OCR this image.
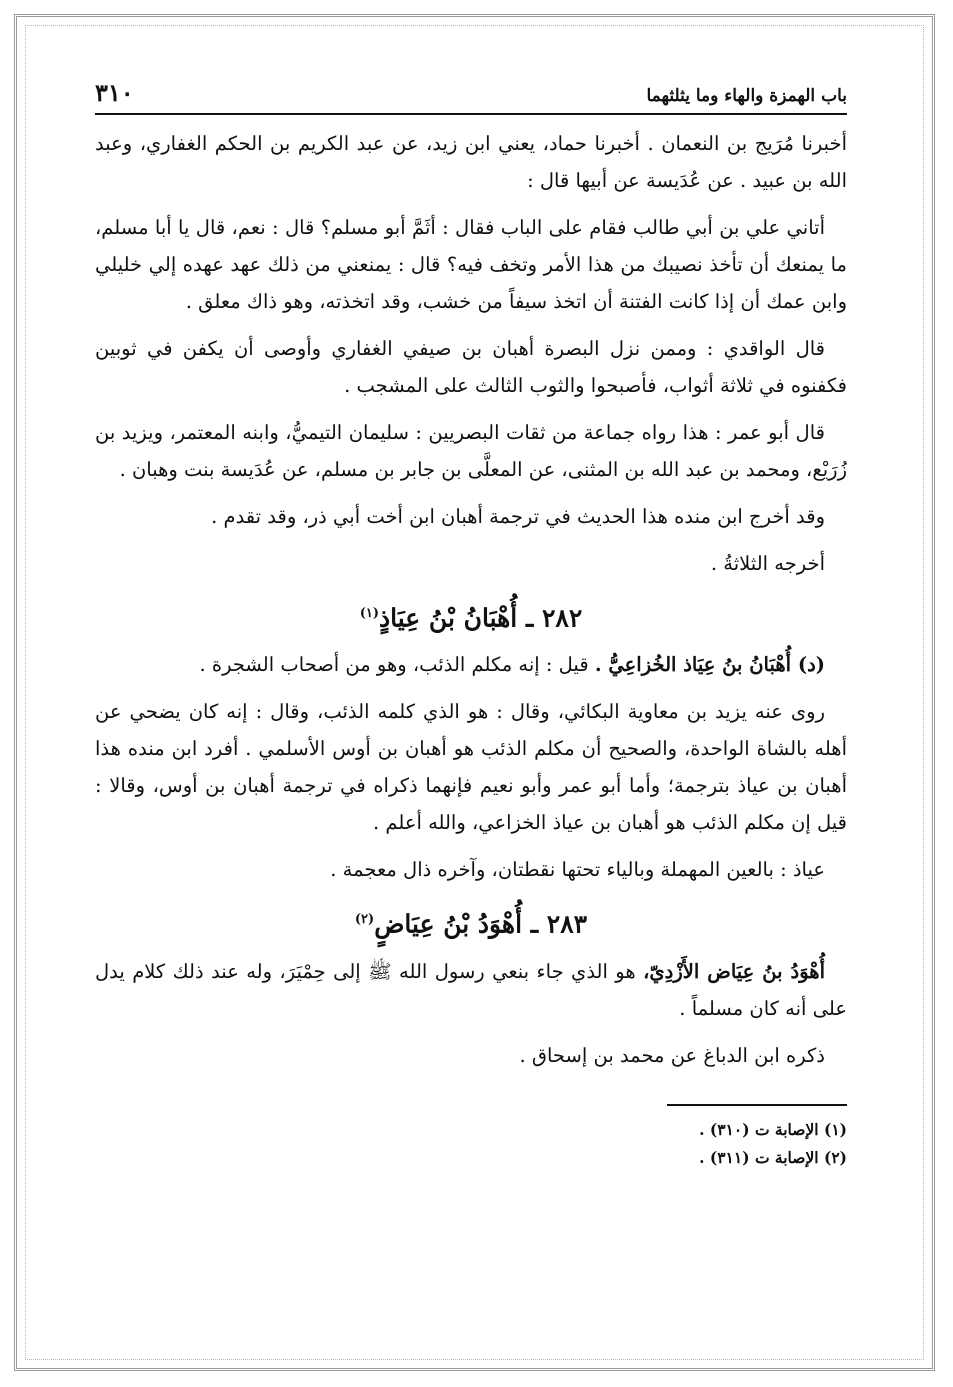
باب الهمزة والهاء وما يثلثهما
٣١٠

أخبرنا مُرَيج بن النعمان . أخبرنا حماد، يعني ابن زيد، عن عبد الكريم بن الحكم الغفاري، وعبد الله بن عبيد . عن عُدَيسة عن أبيها قال :

أتاني علي بن أبي طالب فقام على الباب فقال : أثَمَّ أبو مسلم؟ قال : نعم، قال يا أبا مسلم، ما يمنعك أن تأخذ نصيبك من هذا الأمر وتخف فيه؟ قال : يمنعني من ذلك عهد عهده إلي خليلي وابن عمك أن إذا كانت الفتنة أن اتخذ سيفاً من خشب، وقد اتخذته، وهو ذاك معلق .

قال الواقدي : وممن نزل البصرة أهبان بن صيفي الغفاري وأوصى أن يكفن في ثوبين فكفنوه في ثلاثة أثواب، فأصبحوا والثوب الثالث على المشجب .

قال أبو عمر : هذا رواه جماعة من ثقات البصريين : سليمان التيميُّ، وابنه المعتمر، ويزيد بن زُرَيْع، ومحمد بن عبد الله بن المثنى، عن المعلَّى بن جابر بن مسلم، عن عُدَيسة بنت وهبان .

وقد أخرج ابن منده هذا الحديث في ترجمة أهبان ابن أخت أبي ذر، وقد تقدم .

أخرجه الثلاثةُ .

٢٨٢ ـ أُهْبَانُ بْنُ عِيَاذٍ$^{(١)}$

(د) أُهْبَانُ بنُ عِيَاذ الخُزاعِيُّ . قيل : إنه مكلم الذئب، وهو من أصحاب الشجرة .

روى عنه يزيد بن معاوية البكائي، وقال : هو الذي كلمه الذئب، وقال : إنه كان يضحي عن أهله بالشاة الواحدة، والصحيح أن مكلم الذئب هو أهبان بن أوس الأسلمي . أفرد ابن منده هذا أهبان بن عياذ بترجمة؛ وأما أبو عمر وأبو نعيم فإنهما ذكراه في ترجمة أهبان بن أوس، وقالا : قيل إن مكلم الذئب هو أهبان بن عياذ الخزاعي، والله أعلم .

عياذ : بالعين المهملة وبالياء تحتها نقطتان، وآخره ذال معجمة .

٢٨٣ ـ أُهْوَدُ بْنُ عِيَاضٍ$^{(٢)}$

أُهْوَدُ بنُ عِيَاض الأَزْدِيّ، هو الذي جاء بنعي رسول الله ﷺ إلى حِمْيَرَ، وله عند ذلك كلام يدل على أنه كان مسلماً .

ذكره ابن الدباغ عن محمد بن إسحاق .

(١) الإصابة ت (٣١٠) .

(٢) الإصابة ت (٣١١) .
